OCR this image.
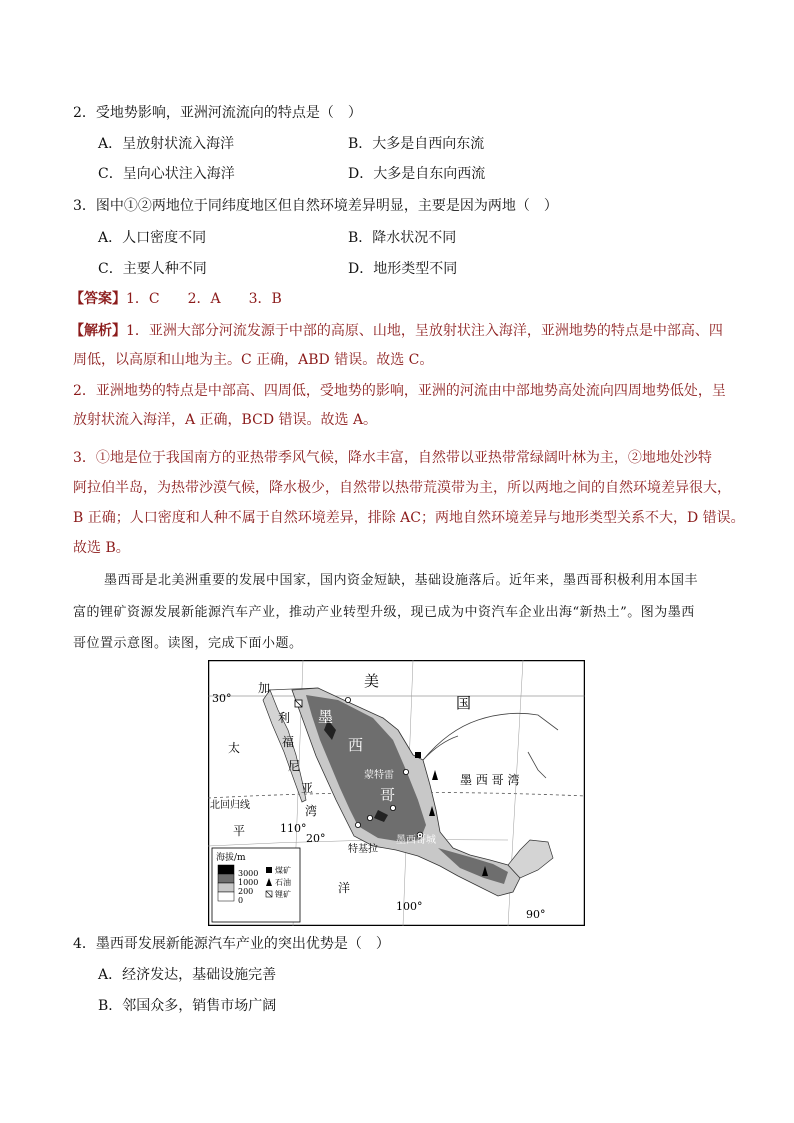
2．受地势影响，亚洲河流流向的特点是（　）
A．呈放射状流入海洋	B．大多是自西向东流
C．呈向心状注入海洋	D．大多是自东向西流
3．图中①②两地位于同纬度地区但自然环境差异明显，主要是因为两地（　）
A．人口密度不同	B．降水状况不同
C．主要人种不同	D．地形类型不同
【答案】1．C　　2．A　　3．B
【解析】1．亚洲大部分河流发源于中部的高原、山地，呈放射状注入海洋，亚洲地势的特点是中部高、四
周低，以高原和山地为主。C 正确，ABD 错误。故选 C。
2．亚洲地势的特点是中部高、四周低，受地势的影响，亚洲的河流由中部地势高处流向四周地势低处，呈
放射状流入海洋，A 正确，BCD 错误。故选 A。
3．①地是位于我国南方的亚热带季风气候，降水丰富，自然带以亚热带常绿阔叶林为主，②地地处沙特
阿拉伯半岛，为热带沙漠气候，降水极少，自然带以热带荒漠带为主，所以两地之间的自然环境差异很大，
B 正确；人口密度和人种不属于自然环境差异，排除 AC；两地自然环境差异与地形类型关系不大，D 错误。
故选 B。
墨西哥是北美洲重要的发展中国家，国内资金短缺，基础设施落后。近年来，墨西哥积极利用本国丰
富的锂矿资源发展新能源汽车产业，推动产业转型升级，现已成为中资汽车企业出海“新热土”。图为墨西
哥位置示意图。读图，完成下面小题。
美
国
墨
西
哥
加
利
福
尼
亚
湾
太
平
洋
墨 西 哥 湾
北回归线
蒙特雷
墨西哥城
特基拉
30°
20°
110°
100°
90°
海拔/m
3000
1000
200
0
煤矿
石油
锂矿
4．墨西哥发展新能源汽车产业的突出优势是（　）
A．经济发达，基础设施完善
B．邻国众多，销售市场广阔
